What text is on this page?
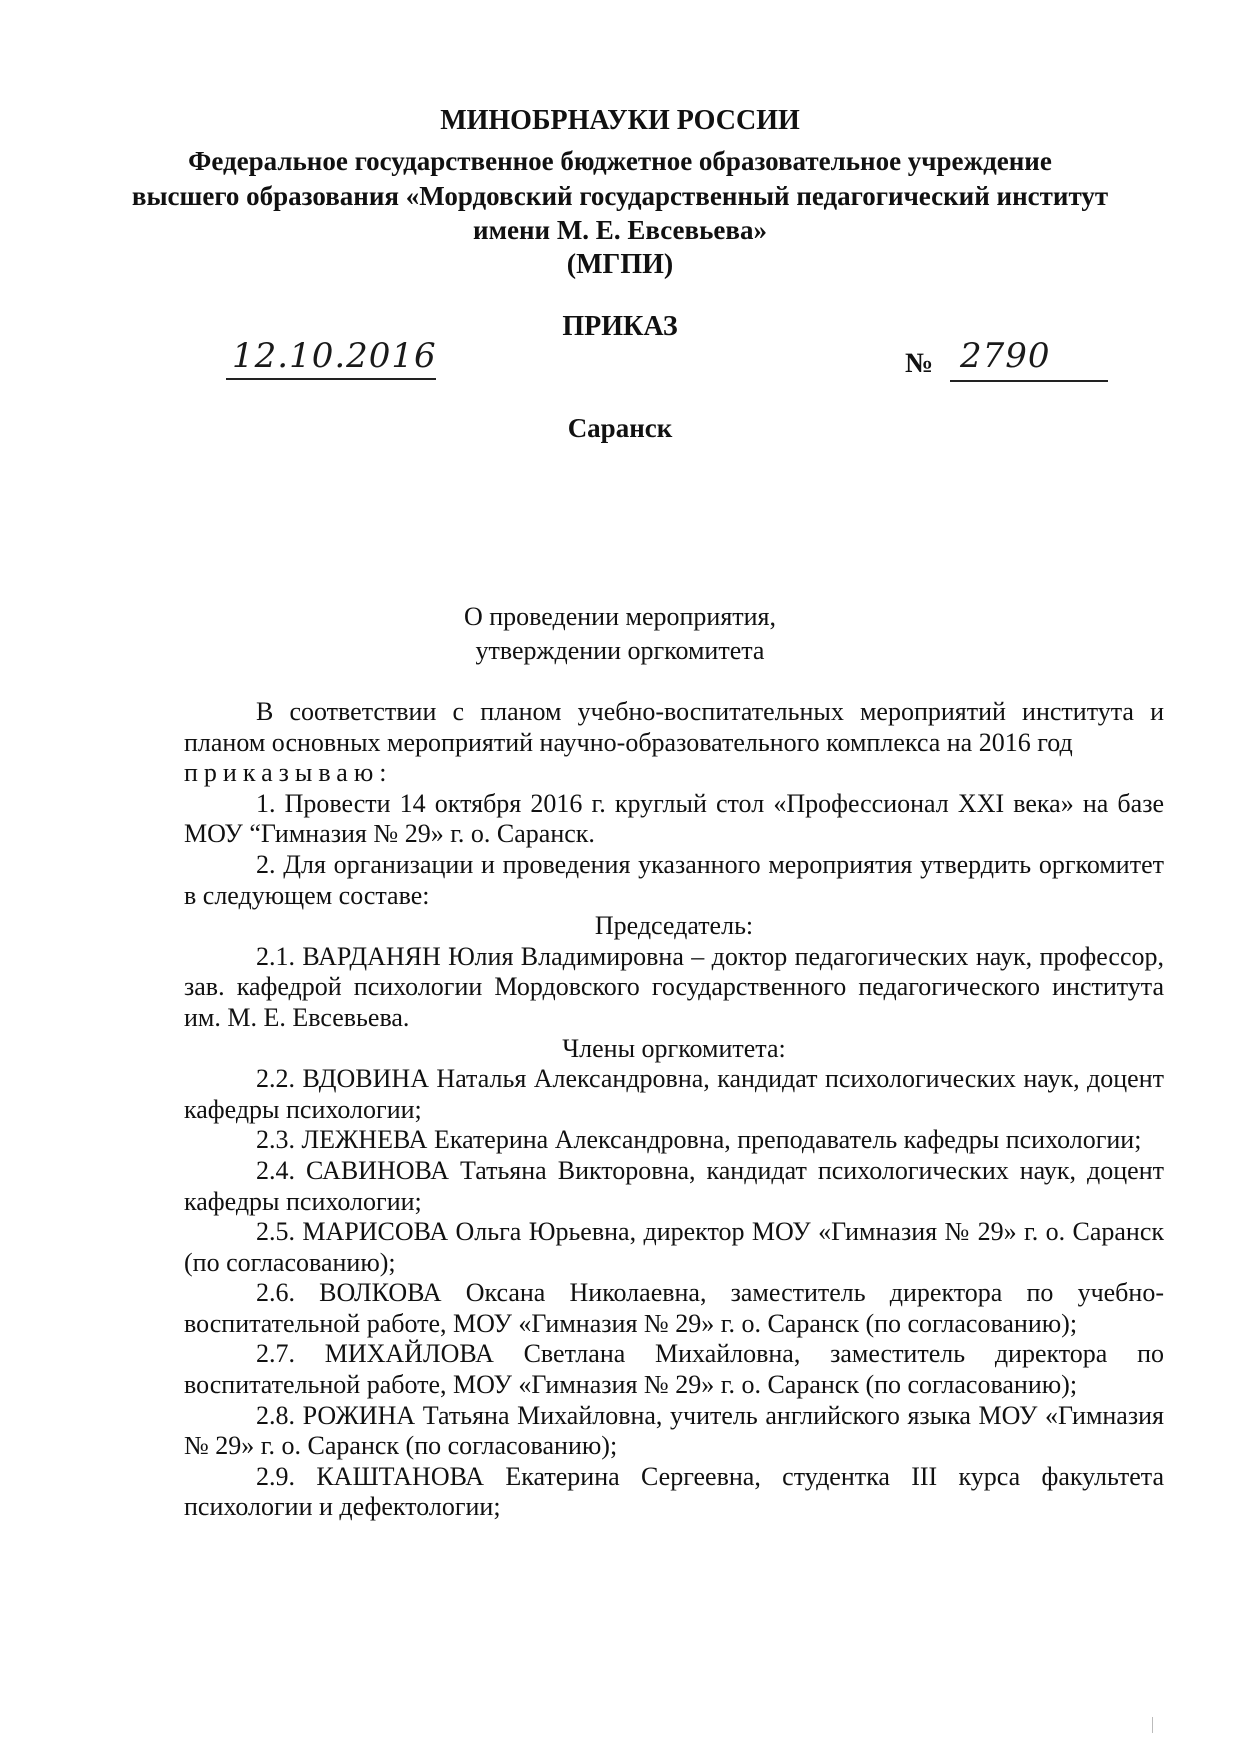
МИНОБРНАУКИ РОССИИ
Федеральное государственное бюджетное образовательное учреждение
высшего образования «Мордовский государственный педагогический институт
имени М. Е. Евсевьева»
(МГПИ)
ПРИКАЗ
12.10.2016	№ 2790
Саранск
О проведении мероприятия,
утверждении оргкомитета

В соответствии с планом учебно-воспитательных мероприятий института и планом основных мероприятий научно-образовательного комплекса на 2016 год

приказываю:

1. Провести 14 октября 2016 г. круглый стол «Профессионал XXI века» на базе МОУ “Гимназия № 29» г. о. Саранск.

2. Для организации и проведения указанного мероприятия утвердить оргкомитет в следующем составе:

Председатель:

2.1. ВАРДАНЯН Юлия Владимировна – доктор педагогических наук, профессор, зав. кафедрой психологии Мордовского государственного педагогического института им. М. Е. Евсевьева.

Члены оргкомитета:

2.2. ВДОВИНА Наталья Александровна, кандидат психологических наук, доцент кафедры психологии;

2.3. ЛЕЖНЕВА Екатерина Александровна, преподаватель кафедры психологии;

2.4. САВИНОВА Татьяна Викторовна, кандидат психологических наук, доцент кафедры психологии;

2.5. МАРИСОВА Ольга Юрьевна, директор МОУ «Гимназия № 29» г. о. Саранск (по согласованию);

2.6. ВОЛКОВА Оксана Николаевна, заместитель директора по учебно-воспитательной работе, МОУ «Гимназия № 29» г. о. Саранск (по согласованию);

2.7. МИХАЙЛОВА Светлана Михайловна, заместитель директора по воспитательной работе, МОУ «Гимназия № 29» г. о. Саранск (по согласованию);

2.8. РОЖИНА Татьяна Михайловна, учитель английского языка МОУ «Гимназия № 29» г. о. Саранск (по согласованию);

2.9. КАШТАНОВА Екатерина Сергеевна, студентка III курса факультета психологии и дефектологии;
